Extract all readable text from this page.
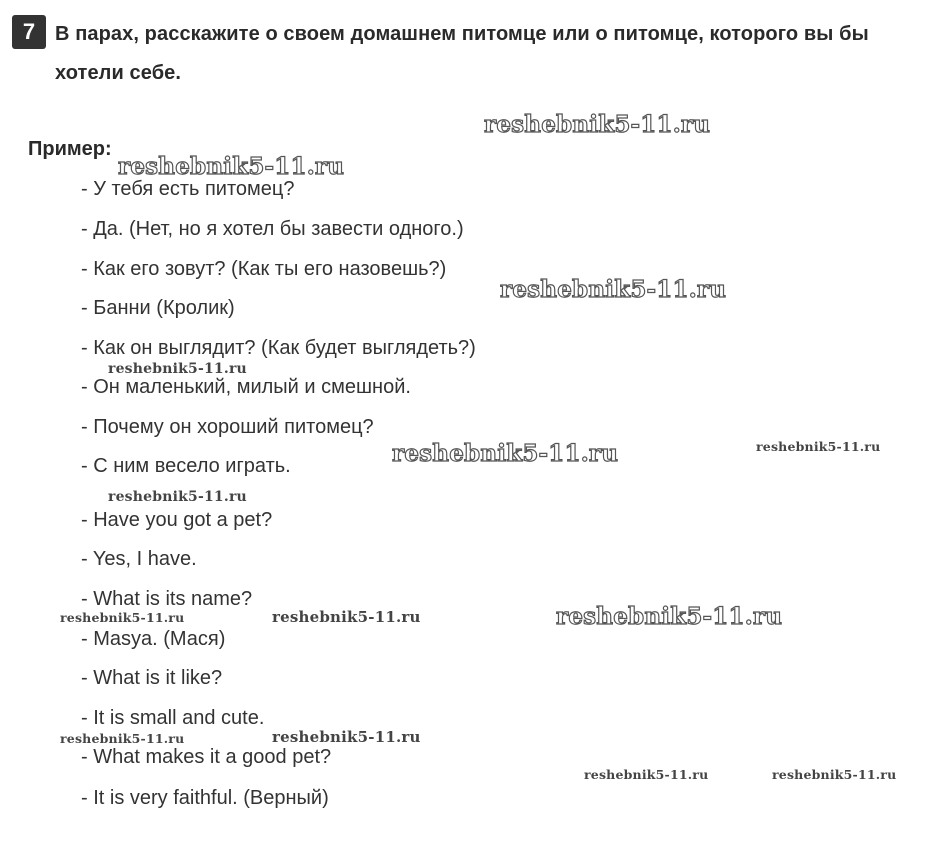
7 В парах, расскажите о своем домашнем питомце или о питомце, которого вы бы хотели себе.
Пример:
- У тебя есть питомец?
- Да. (Нет, но я хотел бы завести одного.)
- Как его зовут? (Как ты его назовешь?)
- Банни (Кролик)
- Как он выглядит? (Как будет выглядеть?)
- Он маленький, милый и смешной.
- Почему он хороший питомец?
- С ним весело играть.
- Have you got a pet?
- Yes, I have.
- What is its name?
- Masya. (Мася)
- What is it like?
- It is small and cute.
- What makes it a good pet?
- It is very faithful. (Верный)
reshebnik5-11.ru
reshebnik5-11.ru
reshebnik5-11.ru
reshebnik5-11.ru
reshebnik5-11.ru	reshebnik5-11.ru
reshebnik5-11.ru
reshebnik5-11.ru	reshebnik5-11.ru	reshebnik5-11.ru
reshebnik5-11.ru	reshebnik5-11.ru
reshebnik5-11.ru	reshebnik5-11.ru
